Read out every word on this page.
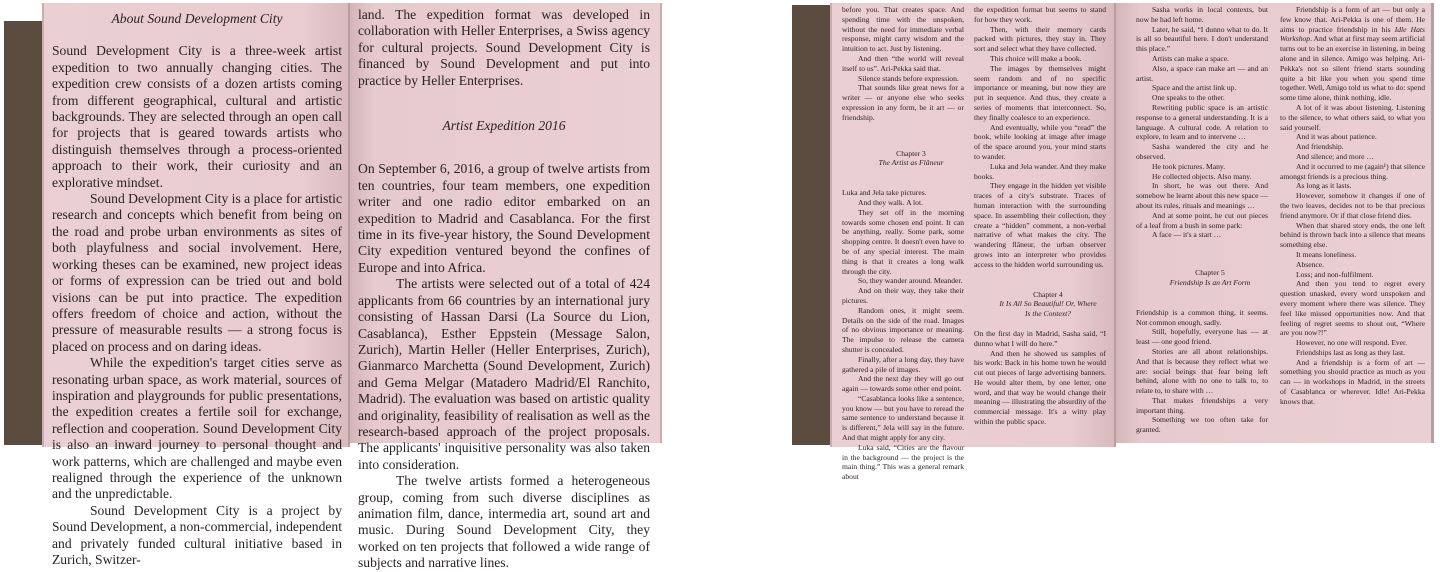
About Sound Development City

Sound Development City is a three-week artist expedition to two annually changing cities. The expedition crew consists of a dozen artists coming from different geographical, cultural and artistic backgrounds. They are selected through an open call for projects that is geared towards artists who distinguish themselves through a process-oriented approach to their work, their curiosity and an explorative mindset.

Sound Development City is a place for artistic research and concepts which benefit from being on the road and probe urban environments as sites of both playfulness and social involvement. Here, working theses can be examined, new project ideas or forms of expression can be tried out and bold visions can be put into practice. The expedition offers freedom of choice and action, without the pressure of measurable results — a strong focus is placed on process and on daring ideas.

While the expedition's target cities serve as resonating urban space, as work material, sources of inspiration and playgrounds for public presentations, the expedition creates a fertile soil for exchange, reflection and cooperation. Sound Development City is also an inward journey to personal thought and work patterns, which are challenged and maybe even realigned through the experience of the unknown and the unpredictable.

Sound Development City is a project by Sound Development, a non-commercial, independent and privately funded cultural initiative based in Zurich, Switzer-

land. The expedition format was developed in collaboration with Heller Enterprises, a Swiss agency for cultural projects. Sound Development City is financed by Sound Development and put into practice by Heller Enterprises.

Artist Expedition 2016

On September 6, 2016, a group of twelve artists from ten countries, four team members, one expedition writer and one radio editor embarked on an expedition to Madrid and Casablanca. For the first time in its five-year history, the Sound Development City expedition ventured beyond the confines of Europe and into Africa.

The artists were selected out of a total of 424 applicants from 66 countries by an international jury consisting of Hassan Darsi (La Source du Lion, Casablanca), Esther Eppstein (Message Salon, Zurich), Martin Heller (Heller Enterprises, Zurich), Gianmarco Marchetta (Sound Development, Zurich) and Gema Melgar (Matadero Madrid/El Ranchito, Madrid). The evaluation was based on artistic quality and originality, feasibility of realisation as well as the research-based approach of the project proposals. The applicants' inquisitive personality was also taken into consideration.

The twelve artists formed a heterogeneous group, coming from such diverse disciplines as animation film, dance, intermedia art, sound art and music. During Sound Development City, they worked on ten projects that followed a wide range of subjects and narrative lines.

before you. That creates space. And spending time with the unspoken, without the need for immediate verbal response, might carry wisdom and the intuition to act. Just by listening.

And then “the world will reveal itself to us”. Ari-Pekka said that.

Silence stands before expression.

That sounds like great news for a writer — or anyone else who seeks expression in any form, be it art — or friendship.

Chapter 3

The Artist as Flâneur

Luka and Jela take pictures.

And they walk. A lot.

They set off in the morning towards some chosen end point. It can be anything, really. Some park, some shopping centre. It doesn't even have to be of any special interest. The main thing is that it creates a long walk through the city.

So, they wander around. Meander.

And on their way, they take their pictures.

Random ones, it might seem. Details on the side of the road. Images of no obvious importance or meaning. The impulse to release the camera shutter is concealed.

Finally, after a long day, they have gathered a pile of images.

And the next day they will go out again — towards some other end point.

“Casablanca looks like a sentence, you know — but you have to reread the same sentence to understand because it is different,” Jela will say in the future. And that might apply for any city.

Luka said, “Cities are the flavour in the background — the project is the main thing.” This was a general remark about

the expedition format but seems to stand for how they work.

Then, with their memory cards packed with pictures, they stay in. They sort and select what they have collected.

This choice will make a book.

The images by themselves might seem random and of no specific importance or meaning, but now they are put in sequence. And thus, they create a series of moments that interconnect. So, they finally coalesce to an experience.

And eventually, while you “read” the book, while looking at image after image of the space around you, your mind starts to wander.

Luka and Jela wander. And they make books.

They engage in the hidden yet visible traces of a city's substrate. Traces of human interaction with the surrounding space. In assembling their collection, they create a “hidden” comment, a non-verbal narrative of what makes the city. The wandering flâneur, the urban observer grows into an interpreter who provides access to the hidden world surrounding us.

Chapter 4

It Is All So Beautiful! Or, Where

Is the Context?

On the first day in Madrid, Sasha said, “I dunno what I will do here.”

And then he showed us samples of his work: Back in his home town he would cut out pieces of large advertising banners. He would alter them, by one letter, one word, and that way he would change their meaning — illustrating the absurdity of the commercial message. It's a witty play within the public space.

Sasha works in local contexts, but now he had left home.

Later, he said, “I dunno what to do. It is all so beautiful here. I don't understand this place.”

Artists can make a space.

Also, a space can make art — and an artist.

Space and the artist link up.

One speaks to the other.

Rewriting public space is an artistic response to a general understanding. It is a language. A cultural code. A relation to explore, to learn and to intervene …

Sasha wandered the city and he observed.

He took pictures. Many.

He collected objects. Also many.

In short, he was out there. And somehow he learnt about this new space — about its rules, rituals and meanings …

And at some point, he cut out pieces of a leaf from a bush in some park:

A face — it's a start …

Chapter 5

Friendship Is an Art Form

Friendship is a common thing, it seems. Not common enough, sadly.

Still, hopefully, everyone has — at least — one good friend.

Stories are all about relationships. And that is because they reflect what we are: social beings that fear being left behind, alone with no one to talk to, to relate to, to share with …

That makes friendships a very important thing.

Something we too often take for granted.

Friendship is a form of art — but only a few know that. Ari-Pekka is one of them. He aims to practice friendship in his Idle Hats Workshop. And what at first may seem artificial turns out to be an exercise in listening, in being alone and in silence. Amigo was helping. Ari-Pekka's not so silent friend starts sounding quite a bit like you when you spend time together. Well, Amigo told us what to do: spend some time alone, think nothing, idle.

A lot of it was about listening. Listening to the silence, to what others said, to what you said yourself.

And it was about patience.

And friendship.

And silence; and more …

And it occurred to me (again¹) that silence amongst friends is a precious thing.

As long as it lasts.

However, somehow it changes if one of the two leaves, decides not to be that precious friend anymore. Or if that close friend dies.

When that shared story ends, the one left behind is thrown back into a silence that means something else.

It means loneliness.

Absence.

Loss; and non-fulfilment.

And then you tend to regret every question unasked, every word unspoken and every moment where there was silence. They feel like missed opportunities now. And that feeling of regret seems to shout out, “Where are you now?!”

However, no one will respond. Ever.

Friendships last as long as they last.

And a friendship is a form of art — something you should practice as much as you can — in workshops in Madrid, in the streets of Casablanca or wherever. Idle! Ari-Pekka knows that.
